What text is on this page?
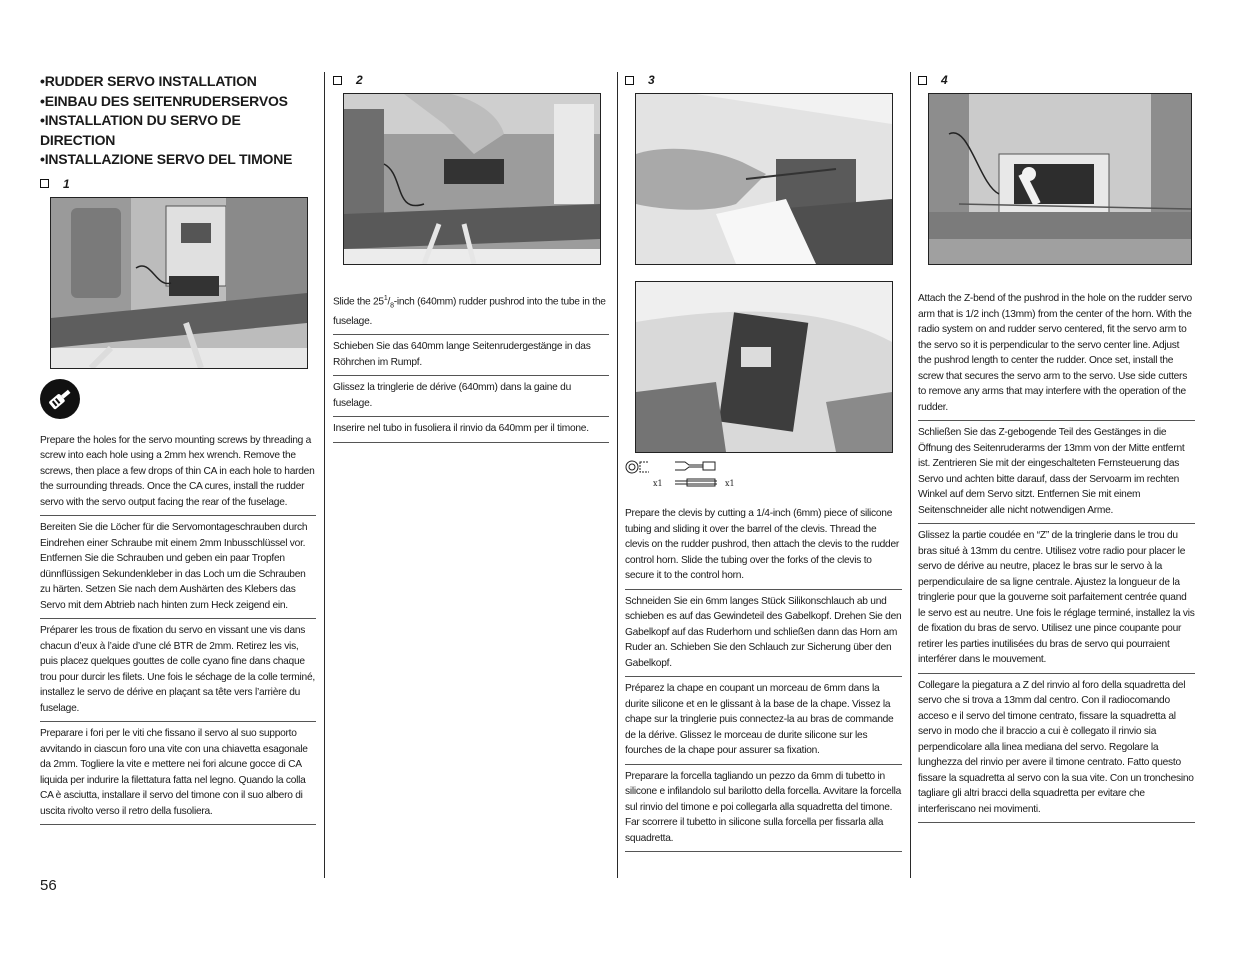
•RUDDER SERVO INSTALLATION

•EINBAU DES SEITENRUDERSERVOS

•INSTALLATION DU SERVO DE DIRECTION

•INSTALLAZIONE SERVO DEL TIMONE

1

Prepare the holes for the servo mounting screws by threading a screw into each hole using a 2mm hex wrench. Remove the screws, then place a few drops of thin CA in each hole to harden the surrounding threads. Once the CA cures, install the rudder servo with the servo output facing the rear of the fuselage.

Bereiten Sie die Löcher für die Servomontageschrauben durch Eindrehen einer Schraube mit einem 2mm Inbusschlüssel vor. Entfernen Sie die Schrauben und geben ein paar Tropfen dünnflüssigen Sekundenkleber in das Loch um die Schrauben zu härten. Setzen Sie nach dem Aushärten des Klebers das Servo mit dem Abtrieb nach hinten zum Heck zeigend ein.

Préparer les trous de fixation du servo en vissant une vis dans chacun d’eux à l’aide d’une clé BTR de 2mm. Retirez les vis, puis placez quelques gouttes de colle cyano fine dans chaque trou pour durcir les filets. Une fois le séchage de la colle terminé, installez le servo de dérive en plaçant sa tête vers l’arrière du fuselage.

Preparare i fori per le viti che fissano il servo al suo supporto avvitando in ciascun foro una vite con una chiavetta esagonale da 2mm. Togliere la vite e mettere nei fori alcune gocce di CA liquida per indurire la filettatura fatta nel legno. Quando la colla CA è asciutta, installare il servo del timone con il suo albero di uscita rivolto verso il retro della fusoliera.

2

Slide the $25^1/_8$-inch (640mm) rudder pushrod into the tube in the fuselage.

Schieben Sie das 640mm lange Seitenrudergestänge in das Röhrchen im Rumpf.

Glissez la tringlerie de dérive (640mm) dans la gaine du fuselage.

Inserire nel tubo in fusoliera il rinvio da 640mm per il timone.

3
x1	x1

Prepare the clevis by cutting a 1/4-inch (6mm) piece of silicone tubing and sliding it over the barrel of the clevis. Thread the clevis on the rudder pushrod, then attach the clevis to the rudder control horn. Slide the tubing over the forks of the clevis to secure it to the control horn.

Schneiden Sie ein 6mm langes Stück Silikonschlauch ab und schieben es auf das Gewindeteil des Gabelkopf. Drehen Sie den Gabelkopf auf das Ruderhorn und schließen dann das Horn am Ruder an. Schieben Sie den Schlauch zur Sicherung über den Gabelkopf.

Préparez la chape en coupant un morceau de 6mm dans la durite silicone et en le glissant à la base de la chape. Vissez la chape sur la tringlerie puis connectez-la au bras de commande de la dérive. Glissez le morceau de durite silicone sur les fourches de la chape pour assurer sa fixation.

Preparare la forcella tagliando un pezzo da 6mm di tubetto in silicone e infilandolo sul barilotto della forcella. Avvitare la forcella sul rinvio del timone e poi collegarla alla squadretta del timone. Far scorrere il tubetto in silicone sulla forcella per fissarla alla squadretta.

4

Attach the Z-bend of the pushrod in the hole on the rudder servo arm that is 1/2 inch (13mm) from the center of the horn. With the radio system on and rudder servo centered, fit the servo arm to the servo so it is perpendicular to the servo center line. Adjust the pushrod length to center the rudder. Once set, install the screw that secures the servo arm to the servo. Use side cutters to remove any arms that may interfere with the operation of the rudder.

Schließen Sie das Z-gebogende Teil des Gestänges in die Öffnung des Seitenruderarms der 13mm von der Mitte entfernt ist. Zentrieren Sie mit der eingeschalteten Fernsteuerung das Servo und achten bitte darauf, dass der Servoarm im rechten Winkel auf dem Servo sitzt. Entfernen Sie mit einem Seitenschneider alle nicht notwendigen Arme.

Glissez la partie coudée en “Z” de la tringlerie dans le trou du bras situé à 13mm du centre. Utilisez votre radio pour placer le servo de dérive au neutre, placez le bras sur le servo à la perpendiculaire de sa ligne centrale. Ajustez la longueur de la tringlerie pour que la gouverne soit parfaitement centrée quand le servo est au neutre. Une fois le réglage terminé, installez la vis de fixation du bras de servo. Utilisez une pince coupante pour retirer les parties inutilisées du bras de servo qui pourraient interférer dans le mouvement.

Collegare la piegatura a Z del rinvio al foro della squadretta del servo che si trova a 13mm dal centro. Con il radiocomando acceso e il servo del timone centrato, fissare la squadretta al servo in modo che il braccio a cui è collegato il rinvio sia perpendicolare alla linea mediana del servo. Regolare la lunghezza del rinvio per avere il timone centrato. Fatto questo fissare la squadretta al servo con la sua vite. Con un tronchesino tagliare gli altri bracci della squadretta per evitare che interferiscano nei movimenti.

56
